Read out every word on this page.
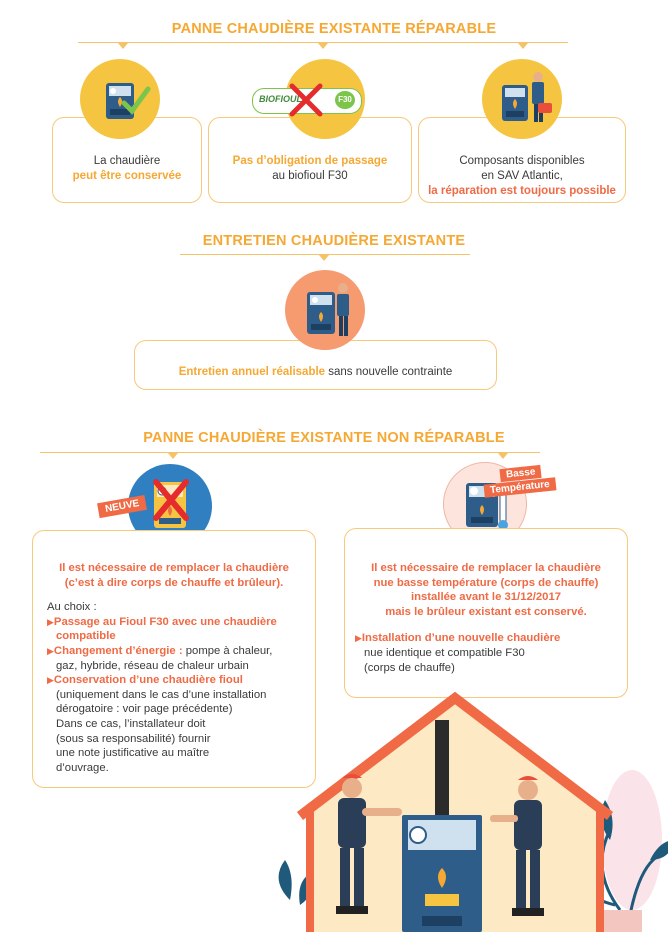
PANNE CHAUDIÈRE EXISTANTE RÉPARABLE
La chaudière
peut être conservée
Pas d’obligation de passage
au biofioul F30
BIOFIOUL	F30
Composants disponibles
en SAV Atlantic,
la réparation est toujours possible
ENTRETIEN CHAUDIÈRE EXISTANTE
Entretien annuel réalisable sans nouvelle contrainte
PANNE CHAUDIÈRE EXISTANTE NON RÉPARABLE
NEUVE
Basse
Température

Il est nécessaire de remplacer la chaudière

(c’est à dire corps de chauffe et brûleur).

Au choix :

▶Passage au Fioul F30 avec une chaudière

compatible

▶Changement d’énergie : pompe à chaleur,

gaz, hybride, réseau de chaleur urbain

▶Conservation d’une chaudière fioul

(uniquement dans le cas d’une installation

dérogatoire : voir page précédente)

Dans ce cas, l’installateur doit

(sous sa responsabilité) fournir

une note justificative au maître

d’ouvrage.

Il est nécessaire de remplacer la chaudière

nue basse température (corps de chauffe)

installée avant le 31/12/2017

mais le brûleur existant est conservé.

▶Installation d’une nouvelle chaudière

nue identique et compatible F30

(corps de chauffe)
